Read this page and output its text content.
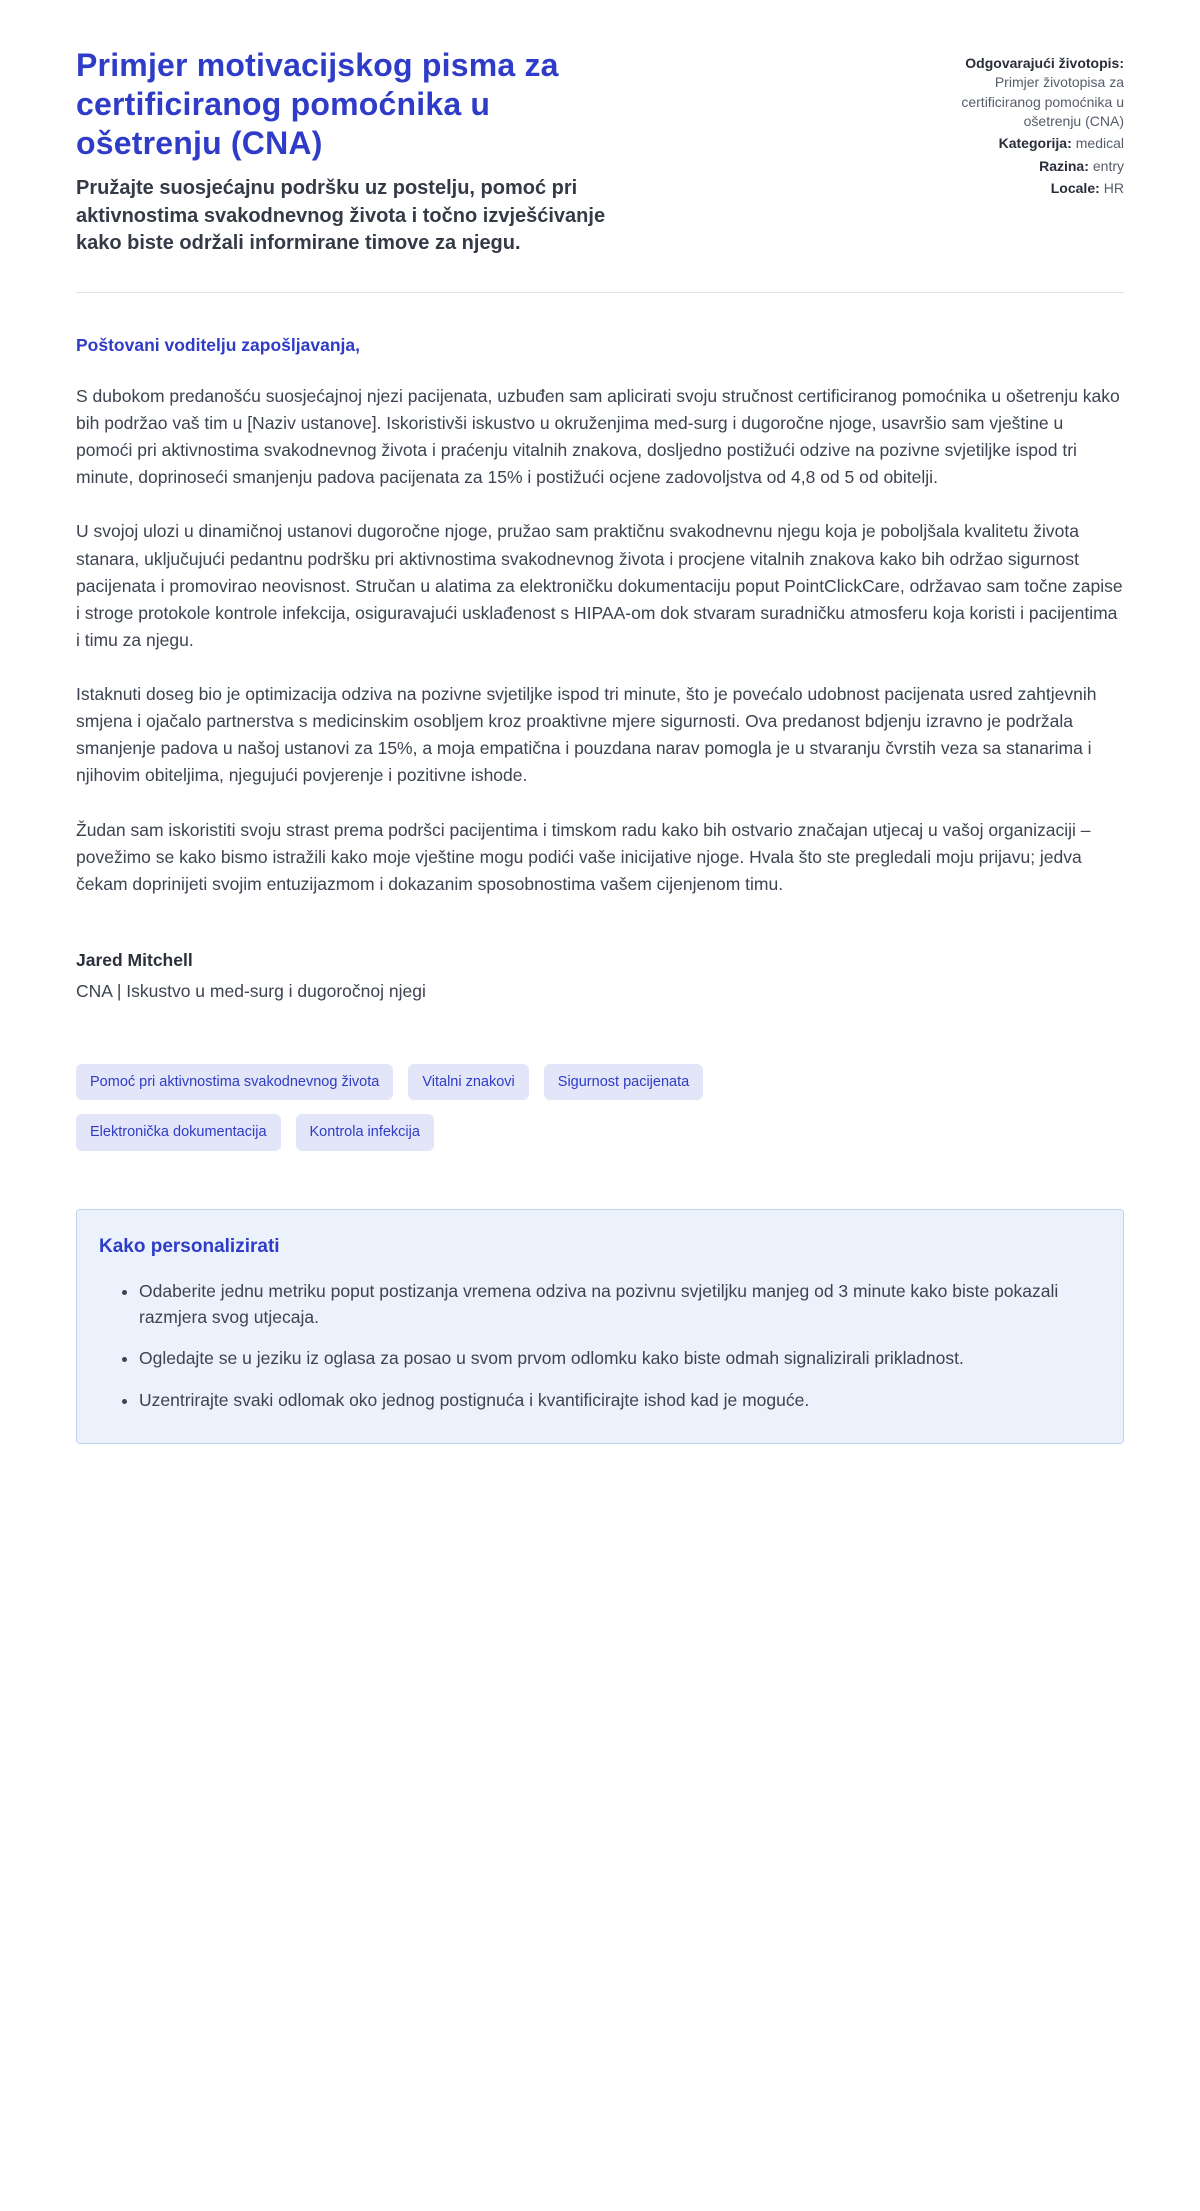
Primjer motivacijskog pisma za certificiranog pomoćnika u ošetrenju (CNA)

Pružajte suosjećajnu podršku uz postelju, pomoć pri aktivnostima svakodnevnog života i točno izvješćivanje kako biste održali informirane timove za njegu.

Odgovarajući životopis:
Primjer životopisa za certificiranog pomoćnika u ošetrenju (CNA)
Kategorija: medical
Razina: entry
Locale: HR

Poštovani voditelju zapošljavanja,

S dubokom predanošću suosjećajnoj njezi pacijenata, uzbuđen sam aplicirati svoju stručnost certificiranog pomoćnika u ošetrenju kako bih podržao vaš tim u [Naziv ustanove]. Iskoristivši iskustvo u okruženjima med-surg i dugoročne njoge, usavršio sam vještine u pomoći pri aktivnostima svakodnevnog života i praćenju vitalnih znakova, dosljedno postižući odzive na pozivne svjetiljke ispod tri minute, doprinoseći smanjenju padova pacijenata za 15% i postižući ocjene zadovoljstva od 4,8 od 5 od obitelji.

U svojoj ulozi u dinamičnoj ustanovi dugoročne njoge, pružao sam praktičnu svakodnevnu njegu koja je poboljšala kvalitetu života stanara, uključujući pedantnu podršku pri aktivnostima svakodnevnog života i procjene vitalnih znakova kako bih održao sigurnost pacijenata i promovirao neovisnost. Stručan u alatima za elektroničku dokumentaciju poput PointClickCare, održavao sam točne zapise i stroge protokole kontrole infekcija, osiguravajući usklađenost s HIPAA-om dok stvaram suradničku atmosferu koja koristi i pacijentima i timu za njegu.

Istaknuti doseg bio je optimizacija odziva na pozivne svjetiljke ispod tri minute, što je povećalo udobnost pacijenata usred zahtjevnih smjena i ojačalo partnerstva s medicinskim osobljem kroz proaktivne mjere sigurnosti. Ova predanost bdjenju izravno je podržala smanjenje padova u našoj ustanovi za 15%, a moja empatična i pouzdana narav pomogla je u stvaranju čvrstih veza sa stanarima i njihovim obiteljima, njegujući povjerenje i pozitivne ishode.

Žudan sam iskoristiti svoju strast prema podršci pacijentima i timskom radu kako bih ostvario značajan utjecaj u vašoj organizaciji – povežimo se kako bismo istražili kako moje vještine mogu podići vaše inicijative njoge. Hvala što ste pregledali moju prijavu; jedva čekam doprinijeti svojim entuzijazmom i dokazanim sposobnostima vašem cijenjenom timu.

Jared Mitchell

CNA | Iskustvo u med-surg i dugoročnoj njegi

Pomoć pri aktivnostima svakodnevnog života	Vitalni znakovi	Sigurnost pacijenata
Elektronička dokumentacija	Kontrola infekcija
Kako personalizirati
• Odaberite jednu metriku poput postizanja vremena odziva na pozivnu svjetiljku manjeg od 3 minute kako biste pokazali razmjera svog utjecaja.
• Ogledajte se u jeziku iz oglasa za posao u svom prvom odlomku kako biste odmah signalizirali prikladnost.
• Uzentrirajte svaki odlomak oko jednog postignuća i kvantificirajte ishod kad je moguće.
